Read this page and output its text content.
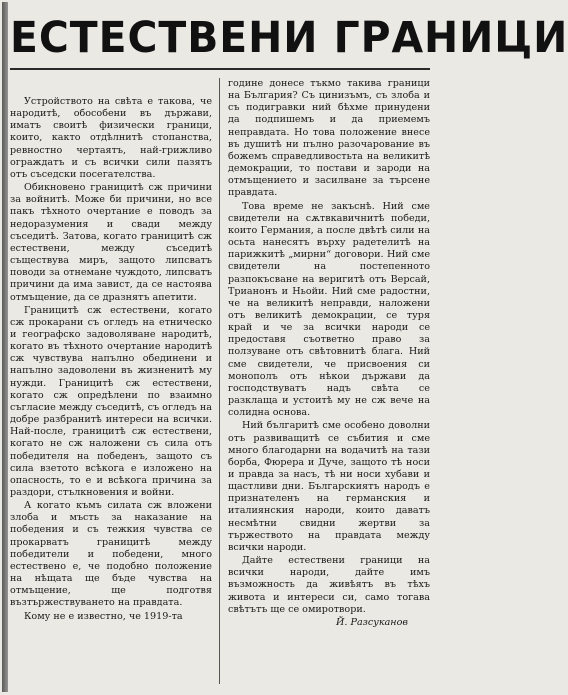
ЕСТЕСТВЕНИ ГРАНИЦИ

Устройството на свѣта е такова, че народитѣ, обособени въ държави, иматъ своитѣ физически граници, които, както отдѣлнитѣ стопанства, ревностно чертаятъ, най-грижливо ограждатъ и съ всички сили пазятъ отъ съседски посегателства.

Обикновено границитѣ сж причини за войнитѣ. Може би причини, но все пакъ тѣхното очертание е поводъ за недоразумения и свади между съседитѣ. Затова, когато границитѣ сж естествени, между съседитѣ съществува миръ, защото липсватъ поводи за отнемане чуждото, липсватъ причини да има завист, да се настоява отмъщение, да се дразнятъ апетити.

Границитѣ сж естествени, когато сж прокарани съ огледъ на етническо и географско задоволяване народитѣ, когато въ тѣхното очертание народитѣ сж чувствува напълно обединени и напълно задоволени въ жизненитѣ му нужди. Границитѣ сж естествени, когато сж опредѣлени по взаимно съгласие между съседитѣ, съ огледъ на добре разбранитѣ интереси на всички. Най-после, границитѣ сж естествени, когато не сж наложени съ сила отъ победителя на победенъ, защото съ сила взетото всѣкога е изложено на опасность, то е и всѣкога причина за раздори, стълкновения и войни.

А когато къмъ силата сж вложени злоба и мъсть за наказание на победения и съ тежкия чувства се прокарватъ границитѣ между победители и победени, много естествено е, че подобно положение на нѣщата ще бъде чувства на отмъщение, ще подготвя възтържествуването на правдата.

Кому не е известно, че 1919-та

годинe донесе тъкмо такива граници на България? Съ цинизъмъ, съ злоба и съ подигравки ний бѣхме принудени да подпишемъ и да приемемъ неправдата. Но това положение внесе въ душитѣ ни пълно разочарование въ божемъ справедливостьта на великитѣ демокрации, то постави и зароди на отмъщението и засилване за търсене правдата.

Това време не закъснѣ. Ний сме свидетели на сѫтвкавичнитѣ победи, които Германия, а после двѣтѣ сили на осьта нанесятъ върху радетелитѣ на парижкитѣ „мирни“ договори. Ний сме свидетели на постепенното разпокъсване на веригитѣ отъ Версай, Трианонъ и Ньойи. Ний сме радостни, че на великитѣ неправди, наложени отъ великитѣ демокрации, се туря край и че за всички народи се предоставя съответно право за ползуване отъ свѣтовнитѣ блага. Ний сме свидетели, че присвоения си монополъ отъ нѣкои държави да господствуватъ надъ свѣта се разклаща и устоитѣ му не сж вече на солидна основа.

Ний българитѣ сме особено доволни отъ развиващитѣ се събития и сме много благодарни на водачитѣ на тази борба, Фюрера и Дуче, защото тѣ носи и правда за насъ, тѣ ни носи хубави и щастливи дни. Българскиятъ народъ е признателенъ на германския и италиянския народи, които даватъ несмѣтни свидни жертви за тържеството на правдата между всички народи.

Дайте естествени граници на всички народи, дайте имъ възможность да живѣятъ въ тѣхъ живота и интереси си, само тогава свѣтътъ ще се омиротвори.

Й. Разсуканов
